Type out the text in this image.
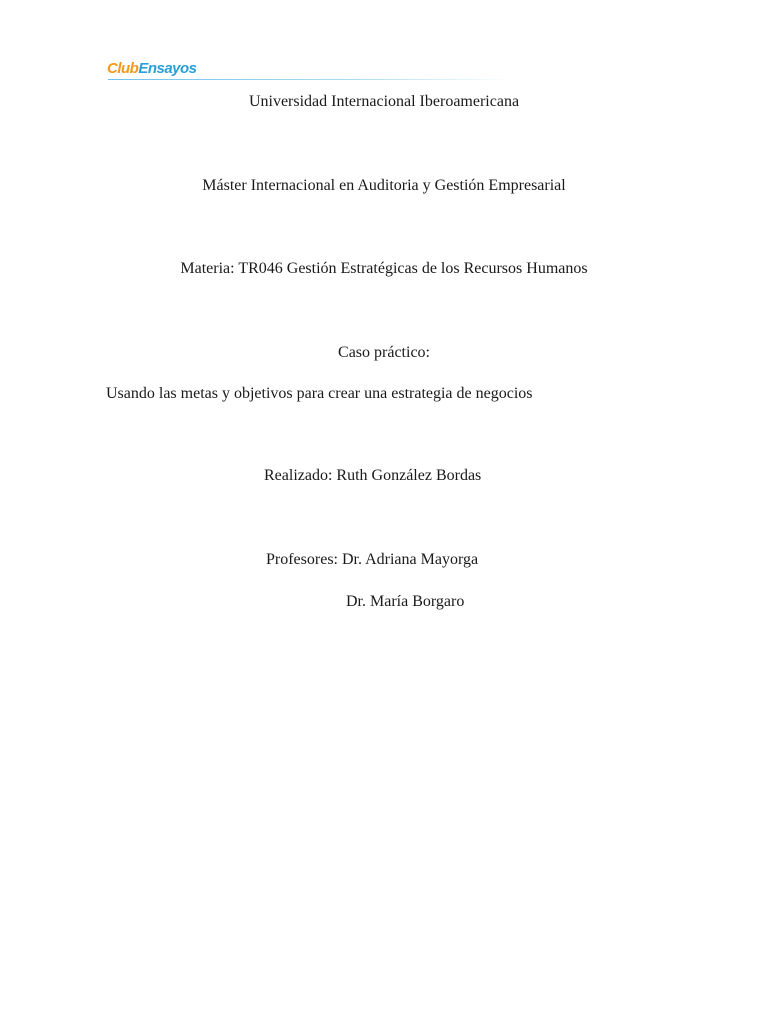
ClubEnsayos
Universidad Internacional Iberoamericana
Máster Internacional en Auditoria y Gestión Empresarial
Materia: TR046 Gestión Estratégicas de los Recursos Humanos
Caso práctico:
Usando las metas y objetivos para crear una estrategia de negocios
Realizado: Ruth González Bordas
Profesores: Dr. Adriana Mayorga
Dr. María Borgaro
